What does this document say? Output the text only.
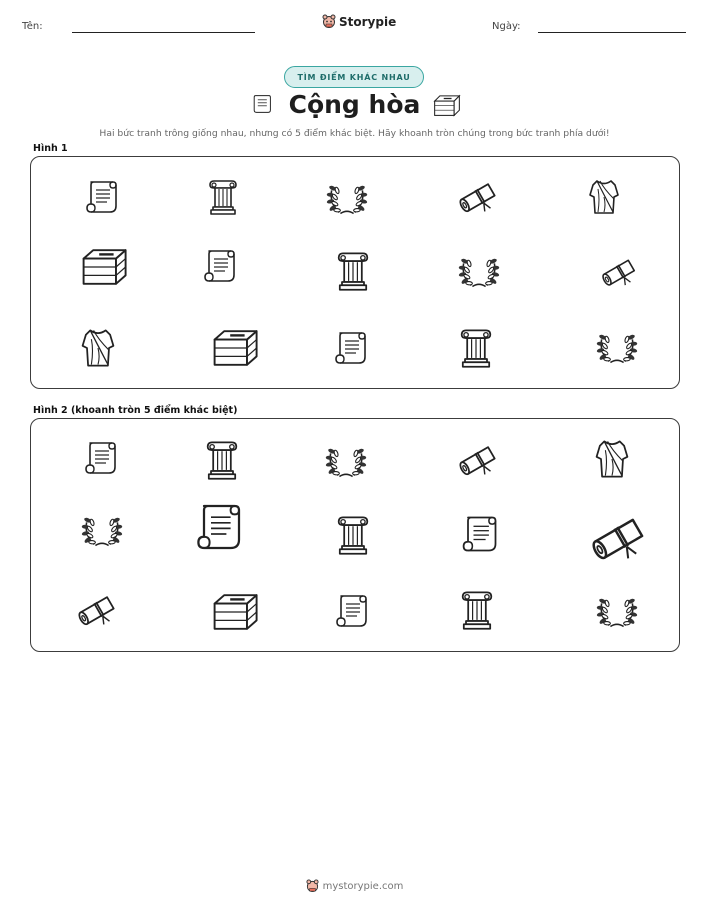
Tên:	Storypie	Ngày:
TÌM ĐIỂM KHÁC NHAU
Cộng hòa
Hai bức tranh trông giống nhau, nhưng có 5 điểm khác biệt. Hãy khoanh tròn chúng trong bức tranh phía dưới!
Hình 1
Hình 2 (khoanh tròn 5 điểm khác biệt)
mystorypie.com
